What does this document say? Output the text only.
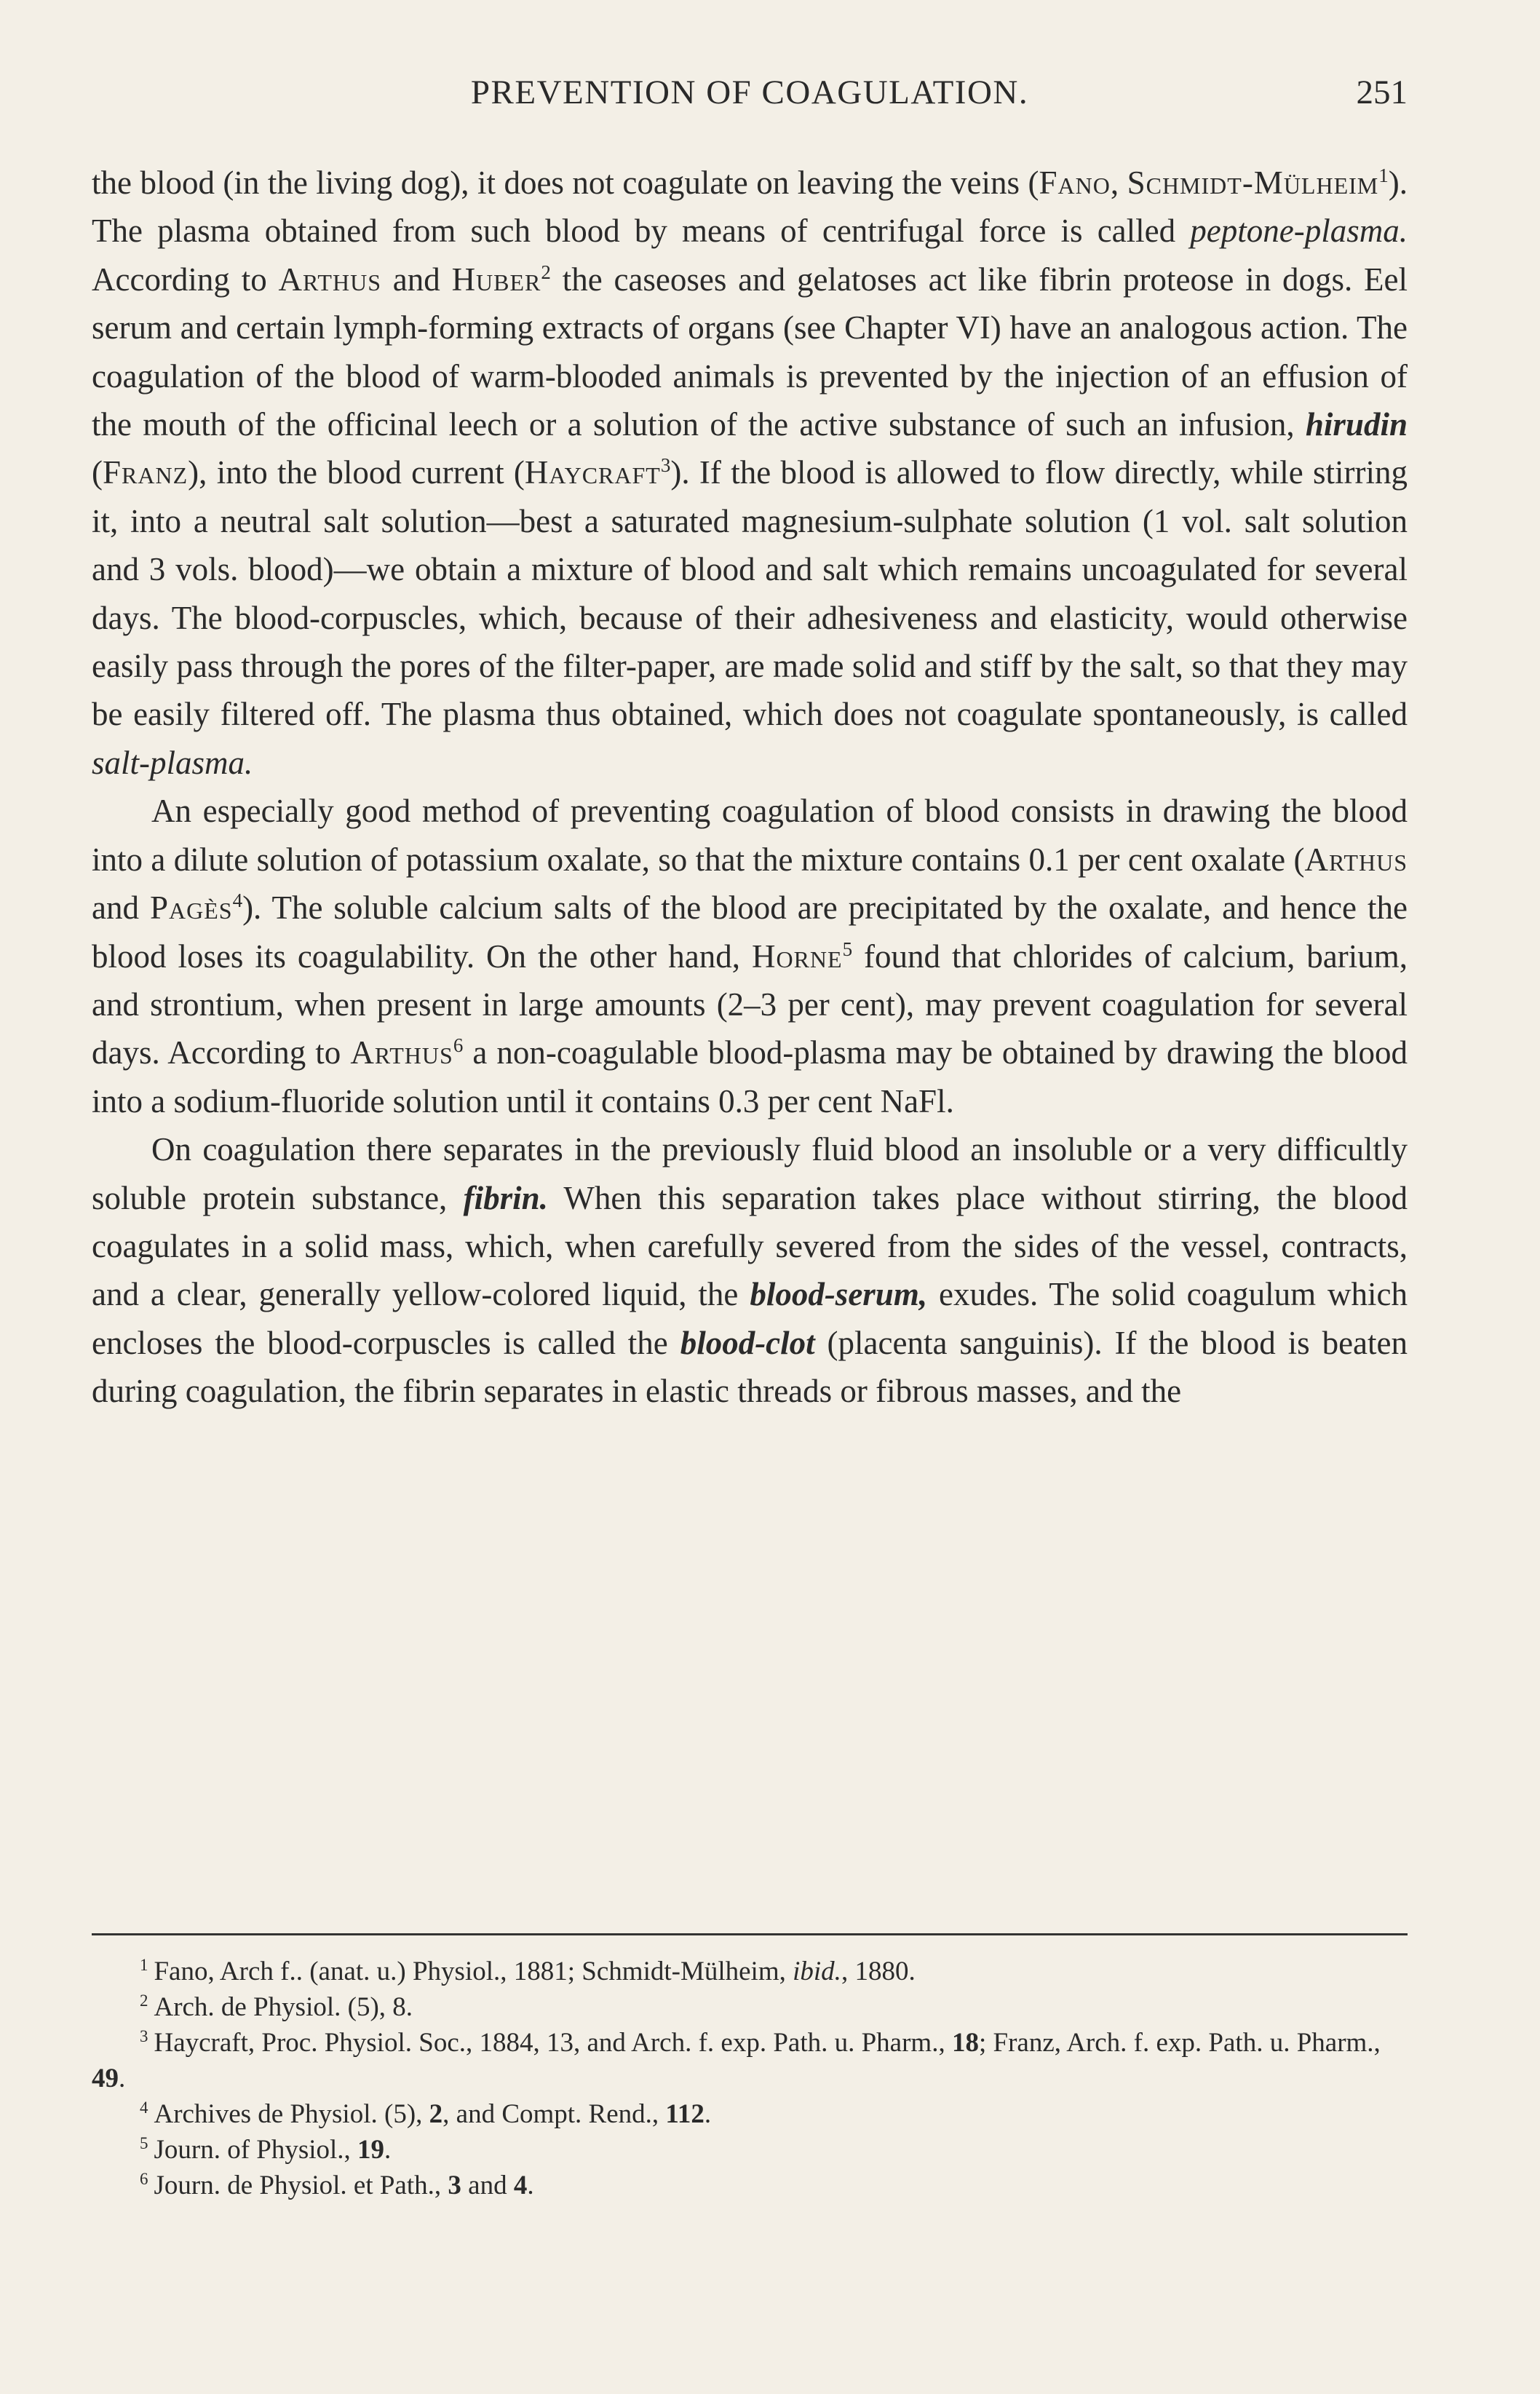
PREVENTION OF COAGULATION.	251

the blood (in the living dog), it does not coagulate on leaving the veins (Fano, Schmidt-Mülheim$^1$). The plasma obtained from such blood by means of centrifugal force is called peptone-plasma. According to Arthus and Huber$^2$ the caseoses and gelatoses act like fibrin proteose in dogs. Eel serum and certain lymph-forming extracts of organs (see Chapter VI) have an analogous action. The coagulation of the blood of warm-blooded animals is prevented by the injection of an effusion of the mouth of the officinal leech or a solution of the active substance of such an infusion, hirudin (Franz), into the blood current (Haycraft$^3$). If the blood is allowed to flow directly, while stirring it, into a neutral salt solution—best a saturated magnesium-sulphate solution (1 vol. salt solution and 3 vols. blood)—we obtain a mixture of blood and salt which remains uncoagulated for several days. The blood-corpuscles, which, because of their adhesiveness and elasticity, would otherwise easily pass through the pores of the filter-paper, are made solid and stiff by the salt, so that they may be easily filtered off. The plasma thus obtained, which does not coagulate spontaneously, is called salt-plasma.

An especially good method of preventing coagulation of blood consists in drawing the blood into a dilute solution of potassium oxalate, so that the mixture contains 0.1 per cent oxalate (Arthus and Pagès$^4$). The soluble calcium salts of the blood are precipitated by the oxalate, and hence the blood loses its coagulability. On the other hand, Horne$^5$ found that chlorides of calcium, barium, and strontium, when present in large amounts (2–3 per cent), may prevent coagulation for several days. According to Arthus$^6$ a non-coagulable blood-plasma may be obtained by drawing the blood into a sodium-fluoride solution until it contains 0.3 per cent NaFl.

On coagulation there separates in the previously fluid blood an insoluble or a very difficultly soluble protein substance, fibrin. When this separation takes place without stirring, the blood coagulates in a solid mass, which, when carefully severed from the sides of the vessel, contracts, and a clear, generally yellow-colored liquid, the blood-serum, exudes. The solid coagulum which encloses the blood-corpuscles is called the blood-clot (placenta sanguinis). If the blood is beaten during coagulation, the fibrin separates in elastic threads or fibrous masses, and the

$^1$ Fano, Arch f.. (anat. u.) Physiol., 1881; Schmidt-Mülheim, ibid., 1880.

$^2$ Arch. de Physiol. (5), 8.

$^3$ Haycraft, Proc. Physiol. Soc., 1884, 13, and Arch. f. exp. Path. u. Pharm., 18; Franz, Arch. f. exp. Path. u. Pharm., 49.

$^4$ Archives de Physiol. (5), 2, and Compt. Rend., 112.

$^5$ Journ. of Physiol., 19.

$^6$ Journ. de Physiol. et Path., 3 and 4.
